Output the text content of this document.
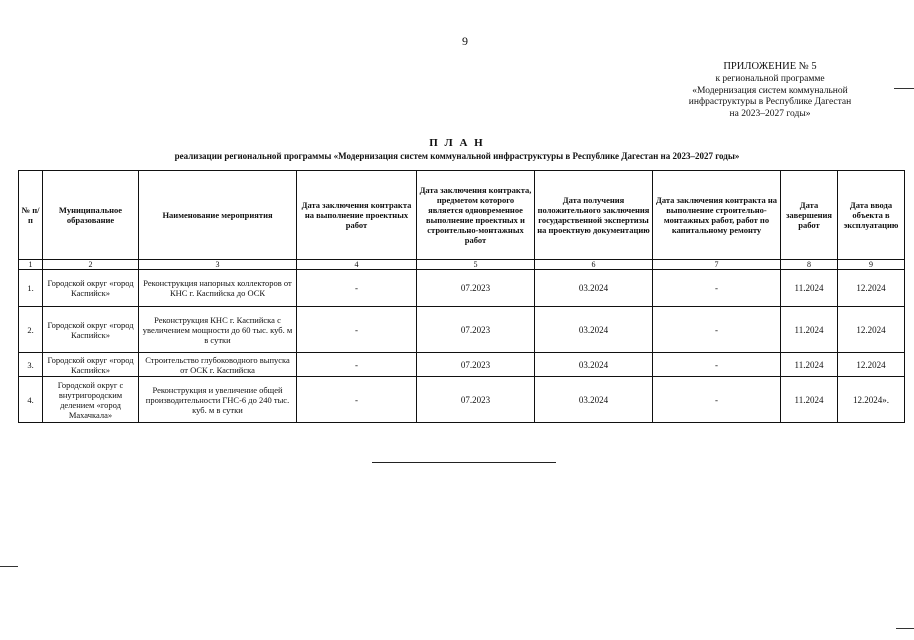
9
ПРИЛОЖЕНИЕ № 5
к региональной программе
«Модернизация систем коммунальной
инфраструктуры в Республике Дагестан
на 2023–2027 годы»
П Л А Н
реализации региональной программы «Модернизация систем коммунальной инфраструктуры в Республике Дагестан на 2023–2027 годы»
№ п/п	Муниципальное образование	Наименование мероприятия	Дата заключения контракта на выполнение проектных работ	Дата заключения контракта, предметом которого является одновременное выполнение проектных и строительно-монтажных работ	Дата получения положительного заключения государственной экспертизы на проектную документацию	Дата заключения контракта на выполнение строительно-монтажных работ, работ по капитальному ремонту	Дата завершения работ	Дата ввода объекта в эксплуатацию
1	2	3	4	5	6	7	8	9
1.	Городской округ «город Каспийск»	Реконструкция напорных коллекторов от КНС г. Каспийска до ОСК	-	07.2023	03.2024	-	11.2024	12.2024
2.	Городской округ «город Каспийск»	Реконструкция КНС г. Каспийска с увеличением мощности до 60 тыс. куб. м в сутки	-	07.2023	03.2024	-	11.2024	12.2024
3.	Городской округ «город Каспийск»	Строительство глубоководного выпуска от ОСК г. Каспийска	-	07.2023	03.2024	-	11.2024	12.2024
4.	Городской округ с внутригородским делением «город Махачкала»	Реконструкция и увеличение общей производительности ГНС-6 до 240 тыс. куб. м в сутки	-	07.2023	03.2024	-	11.2024	12.2024».
